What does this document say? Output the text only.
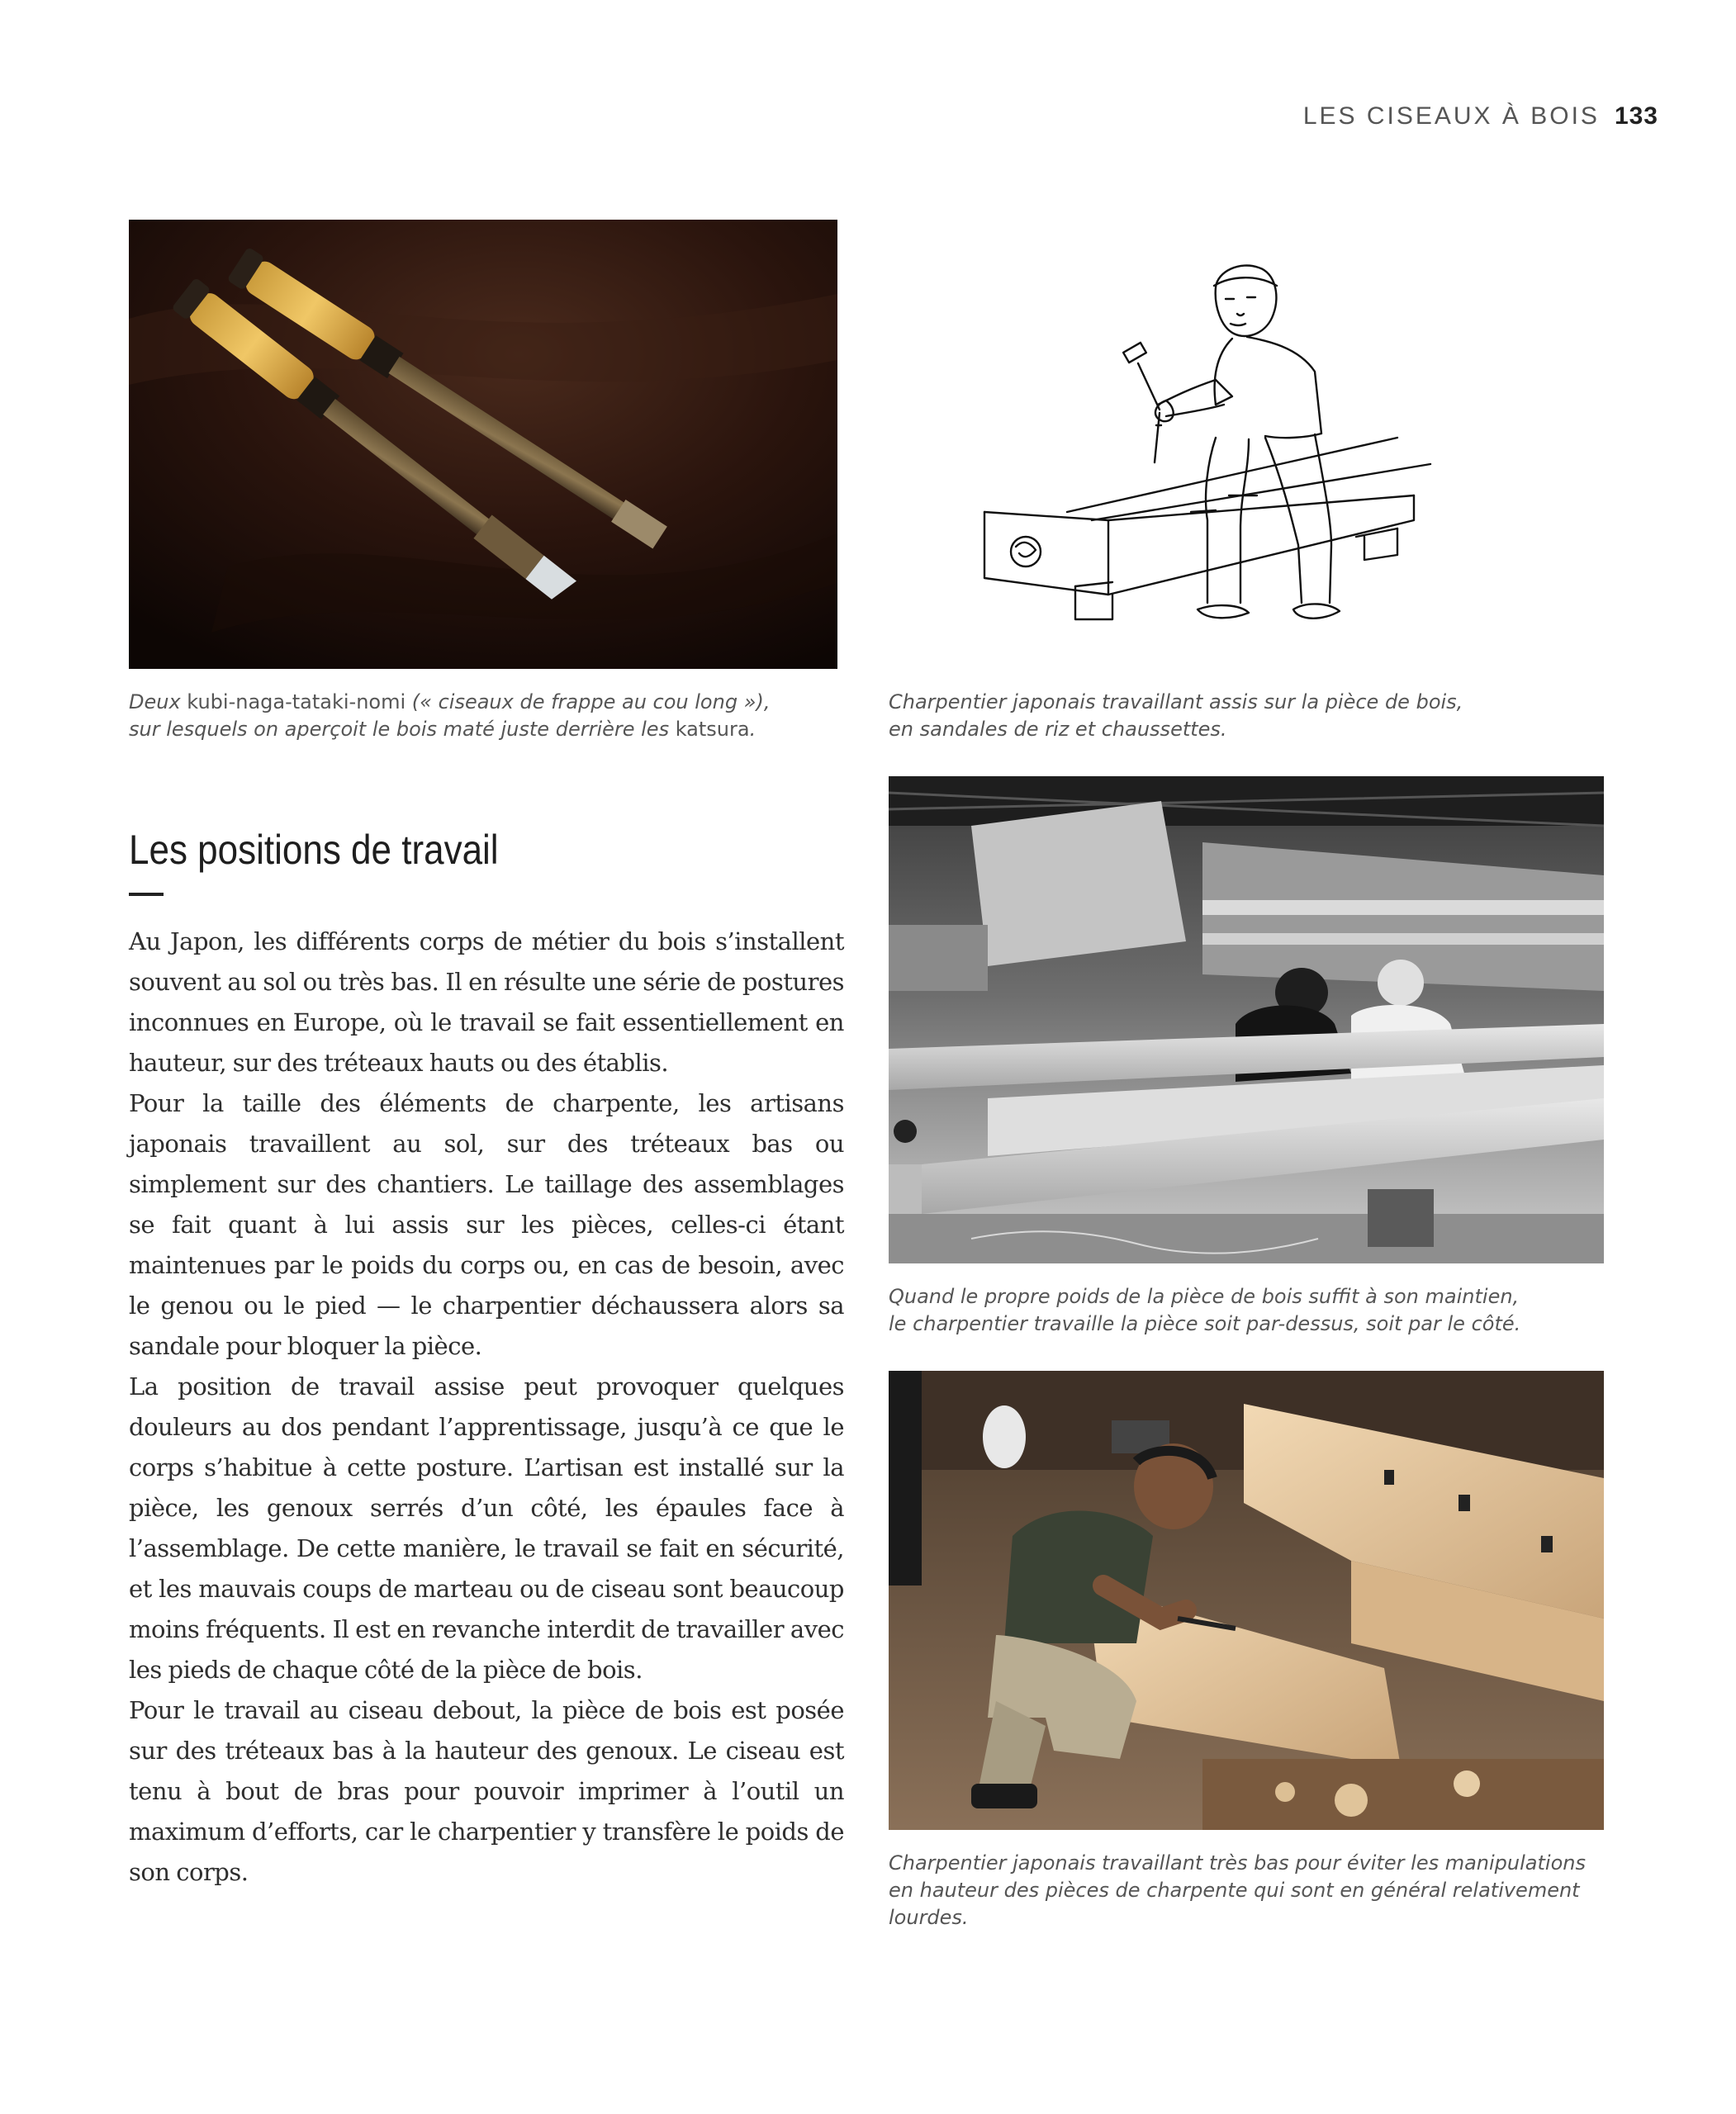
LES CISEAUX À BOIS 133
Deux kubi-naga-tataki-nomi (« ciseaux de frappe au cou long »),
sur lesquels on aperçoit le bois maté juste derrière les katsura.
Charpentier japonais travaillant assis sur la pièce de bois,
en sandales de riz et chaussettes.
Quand le propre poids de la pièce de bois suffit à son maintien,
le charpentier travaille la pièce soit par-dessus, soit par le côté.
Charpentier japonais travaillant très bas pour éviter les manipulations
en hauteur des pièces de charpente qui sont en général relativement
lourdes.
Les positions de travail

Au Japon, les différents corps de métier du bois s’installent souvent au sol ou très bas. Il en résulte une série de postures inconnues en Europe, où le travail se fait essentiellement en hauteur, sur des tréteaux hauts ou des établis.

Pour la taille des éléments de charpente, les artisans japonais travaillent au sol, sur des tréteaux bas ou simplement sur des chantiers. Le taillage des assemblages se fait quant à lui assis sur les pièces, celles-ci étant maintenues par le poids du corps ou, en cas de besoin, avec le genou ou le pied — le charpentier déchaussera alors sa sandale pour bloquer la pièce.

La position de travail assise peut provoquer quelques douleurs au dos pendant l’apprentissage, jusqu’à ce que le corps s’habitue à cette posture. L’artisan est installé sur la pièce, les genoux serrés d’un côté, les épaules face à l’assemblage. De cette manière, le travail se fait en sécurité, et les mauvais coups de marteau ou de ciseau sont beaucoup moins fréquents. Il est en revanche interdit de travailler avec les pieds de chaque côté de la pièce de bois.

Pour le travail au ciseau debout, la pièce de bois est posée sur des tréteaux bas à la hauteur des genoux. Le ciseau est tenu à bout de bras pour pouvoir imprimer à l’outil un maximum d’efforts, car le charpentier y transfère le poids de son corps.
